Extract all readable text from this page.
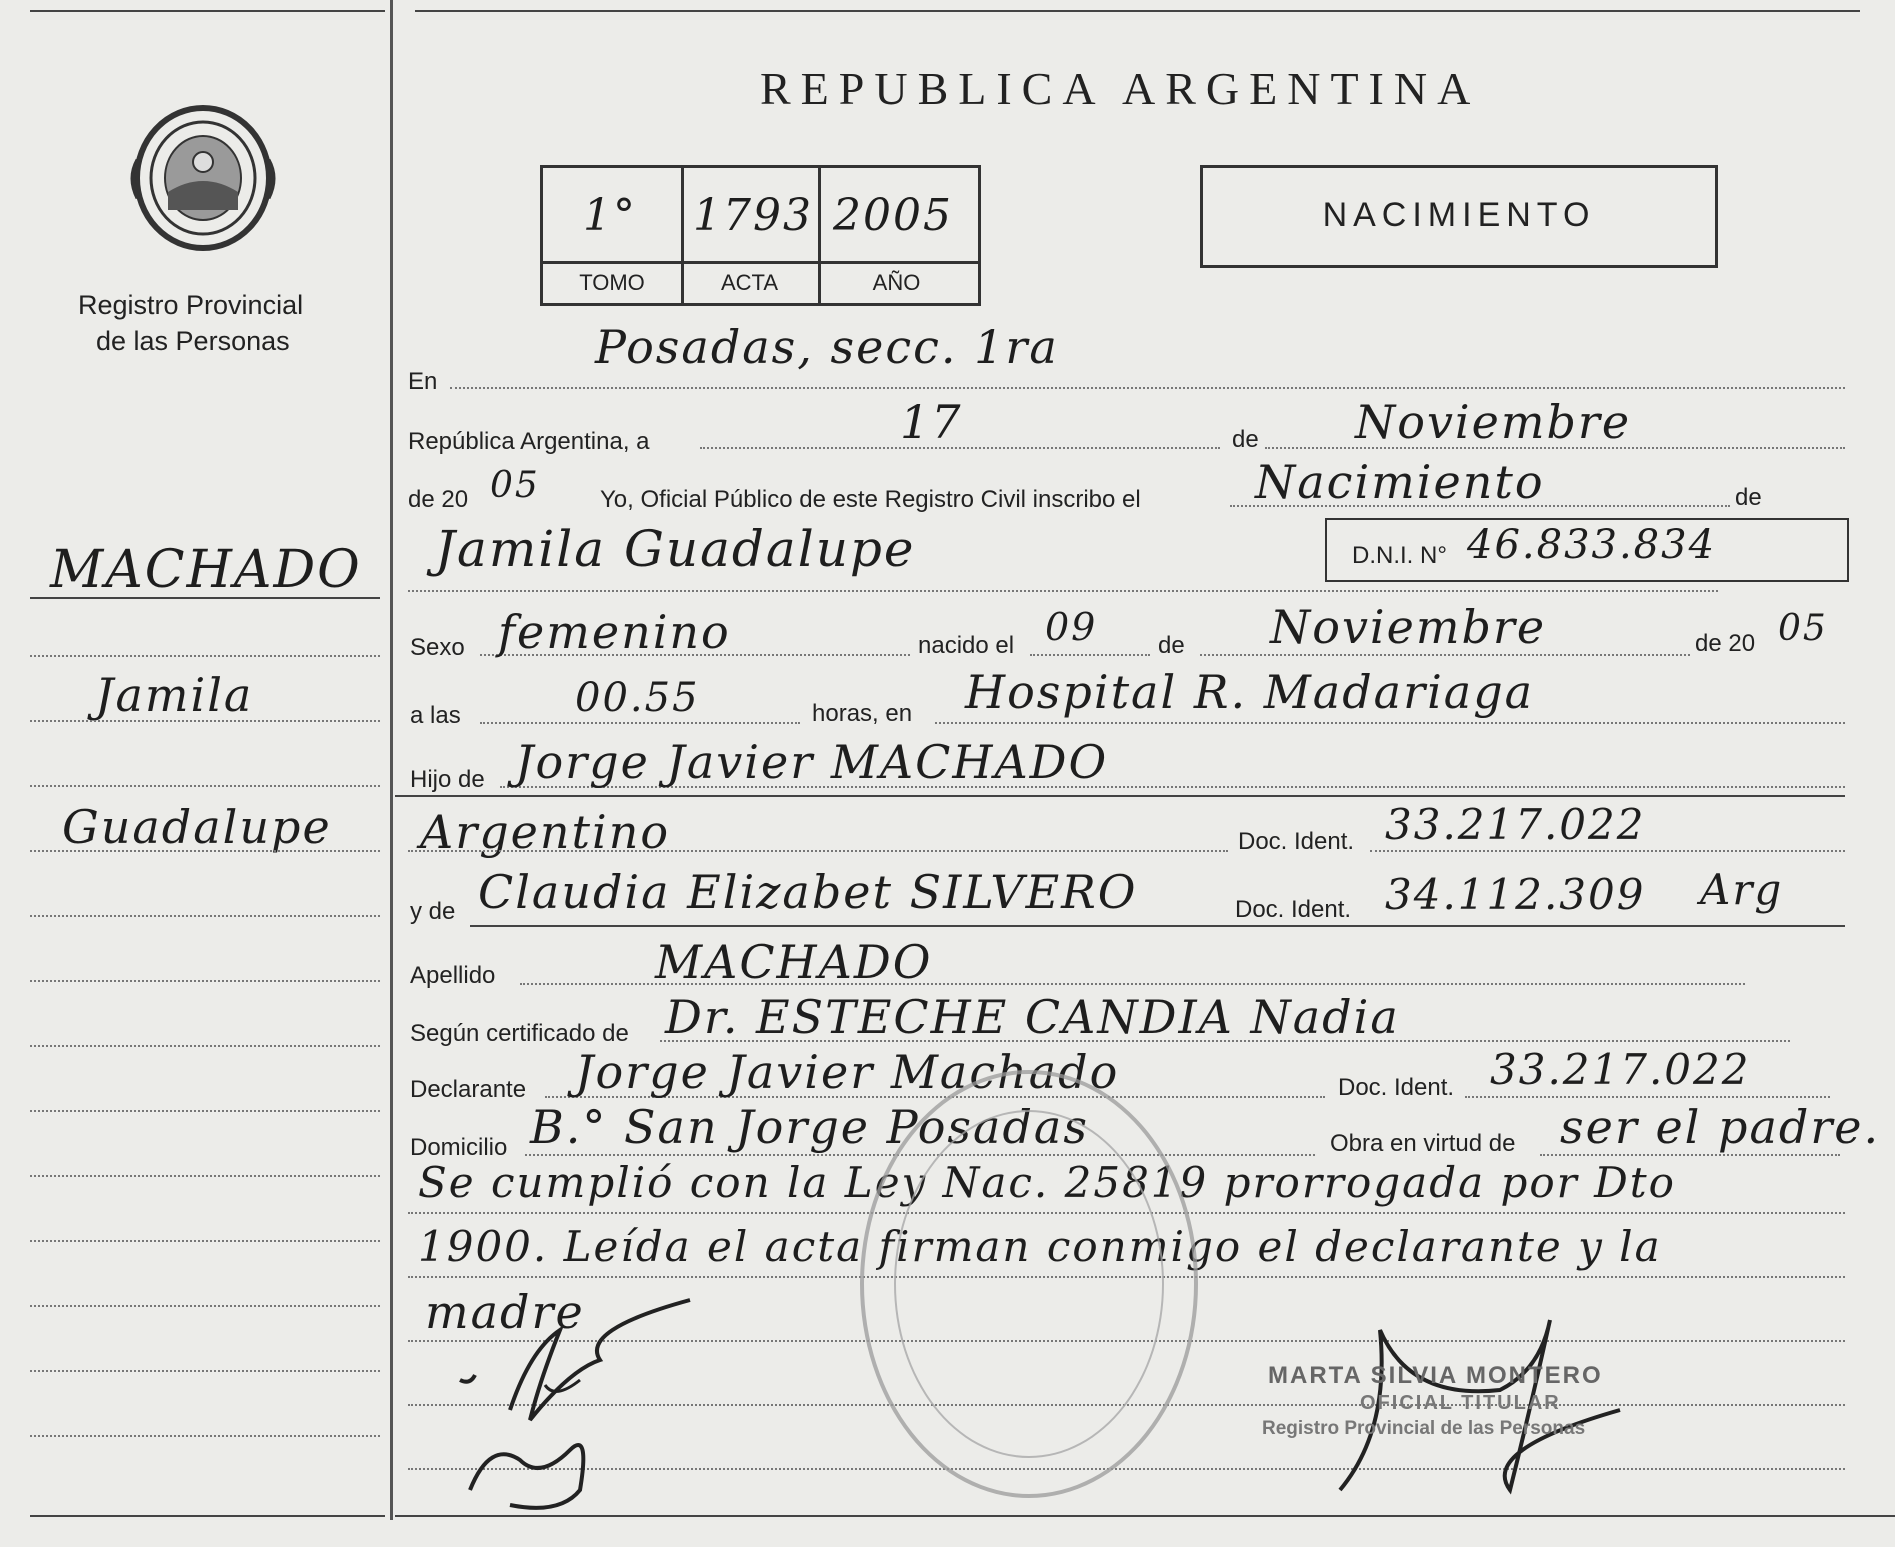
Registro Provincial
de las Personas
REPUBLICA ARGENTINA
1° 1793 2005
TOMO	ACTA	AÑO
NACIMIENTO
MACHADO
Jamila
Guadalupe
En
Posadas, secc. 1ra
República Argentina, a	17	de Noviembre
de 20 05	Yo, Oficial Público de este Registro Civil inscribo el Nacimiento	de
Jamila Guadalupe	D.N.I. N° 46.833.834
Sexo femenino	nacido el 09	de Noviembre	de 20 05
a las	00.55	horas, en Hospital R. Madariaga
Hijo de Jorge Javier MACHADO
Argentino	Doc. Ident. 33.217.022
y de Claudia Elizabet SILVERO	Doc. Ident. 34.112.309 Arg
Apellido	MACHADO
Según certificado de Dr. ESTECHE CANDIA Nadia
Declarante Jorge Javier Machado	Doc. Ident. 33.217.022
Domicilio B.° San Jorge Posadas	Obra en virtud de ser el padre.
Se cumplió con la Ley Nac. 25819 prorrogada por Dto
1900. Leída el acta firman conmigo el declarante y la
madre
MARTA SILVIA MONTERO
OFICIAL TITULAR
Registro Provincial de las Personas
